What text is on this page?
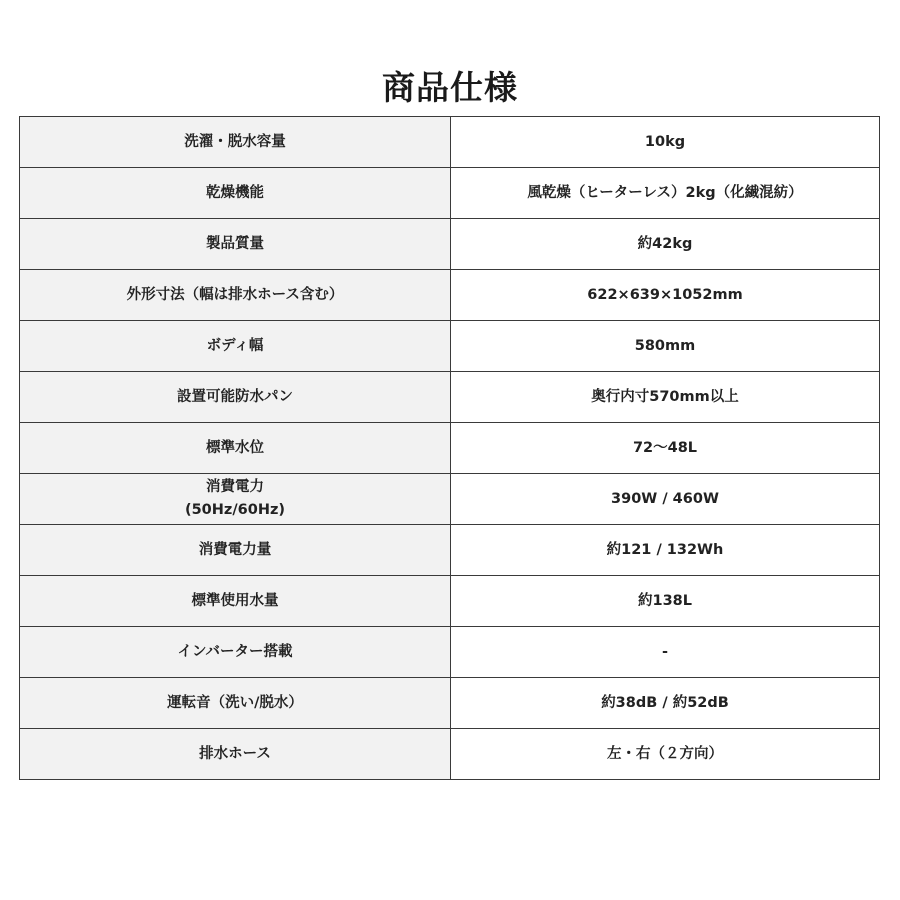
商品仕様
洗濯・脱水容量	10kg
乾燥機能	風乾燥（ヒーターレス）2kg（化繊混紡）
製品質量	約42kg
外形寸法（幅は排水ホース含む）	622×639×1052mm
ボディ幅	580mm
設置可能防水パン	奥行内寸570mm以上
標準水位	72～48L

消費電力
(50Hz/60Hz)	390W / 460W
消費電力量	約121 / 132Wh
標準使用水量	約138L
インバーター搭載	-
運転音（洗い/脱水）	約38dB / 約52dB
排水ホース	左・右（２方向）
